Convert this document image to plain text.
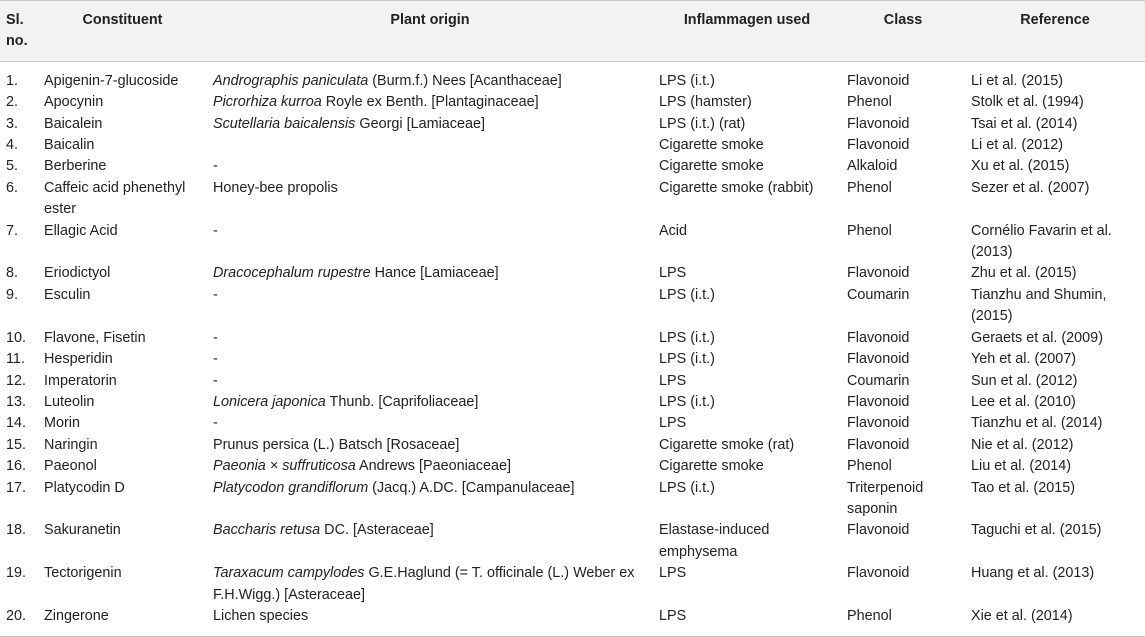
Sl. no.	Constituent	Plant origin	Inflammagen used	Class	Reference
1.	Apigenin-7-glucoside	Andrographis paniculata (Burm.f.) Nees [Acanthaceae]	LPS (i.t.)	Flavonoid	Li et al. (2015)
2.	Apocynin	Picrorhiza kurroa Royle ex Benth. [Plantaginaceae]	LPS (hamster)	Phenol	Stolk et al. (1994)
3.	Baicalein	Scutellaria baicalensis Georgi [Lamiaceae]	LPS (i.t.) (rat)	Flavonoid	Tsai et al. (2014)
4.	Baicalin		Cigarette smoke	Flavonoid	Li et al. (2012)
5.	Berberine	-	Cigarette smoke	Alkaloid	Xu et al. (2015)
6.	Caffeic acid phenethyl ester	Honey-bee propolis	Cigarette smoke (rabbit)	Phenol	Sezer et al. (2007)
7.	Ellagic Acid	-	Acid	Phenol	Cornélio Favarin et al. (2013)
8.	Eriodictyol	Dracocephalum rupestre Hance [Lamiaceae]	LPS	Flavonoid	Zhu et al. (2015)
9.	Esculin	-	LPS (i.t.)	Coumarin	Tianzhu and Shumin, (2015)
10.	Flavone, Fisetin	-	LPS (i.t.)	Flavonoid	Geraets et al. (2009)
11.	Hesperidin	-	LPS (i.t.)	Flavonoid	Yeh et al. (2007)
12.	Imperatorin	-	LPS	Coumarin	Sun et al. (2012)
13.	Luteolin	Lonicera japonica Thunb. [Caprifoliaceae]	LPS (i.t.)	Flavonoid	Lee et al. (2010)
14.	Morin	-	LPS	Flavonoid	Tianzhu et al. (2014)
15.	Naringin	Prunus persica (L.) Batsch [Rosaceae]	Cigarette smoke (rat)	Flavonoid	Nie et al. (2012)
16.	Paeonol	Paeonia × suffruticosa Andrews [Paeoniaceae]	Cigarette smoke	Phenol	Liu et al. (2014)
17.	Platycodin D	Platycodon grandiflorum (Jacq.) A.DC. [Campanulaceae]	LPS (i.t.)	Triterpenoid saponin	Tao et al. (2015)
18.	Sakuranetin	Baccharis retusa DC. [Asteraceae]	Elastase-induced emphysema	Flavonoid	Taguchi et al. (2015)
19.	Tectorigenin	Taraxacum campylodes G.E.Haglund (= T. officinale (L.) Weber ex F.H.Wigg.) [Asteraceae]	LPS	Flavonoid	Huang et al. (2013)
20.	Zingerone	Lichen species	LPS	Phenol	Xie et al. (2014)
